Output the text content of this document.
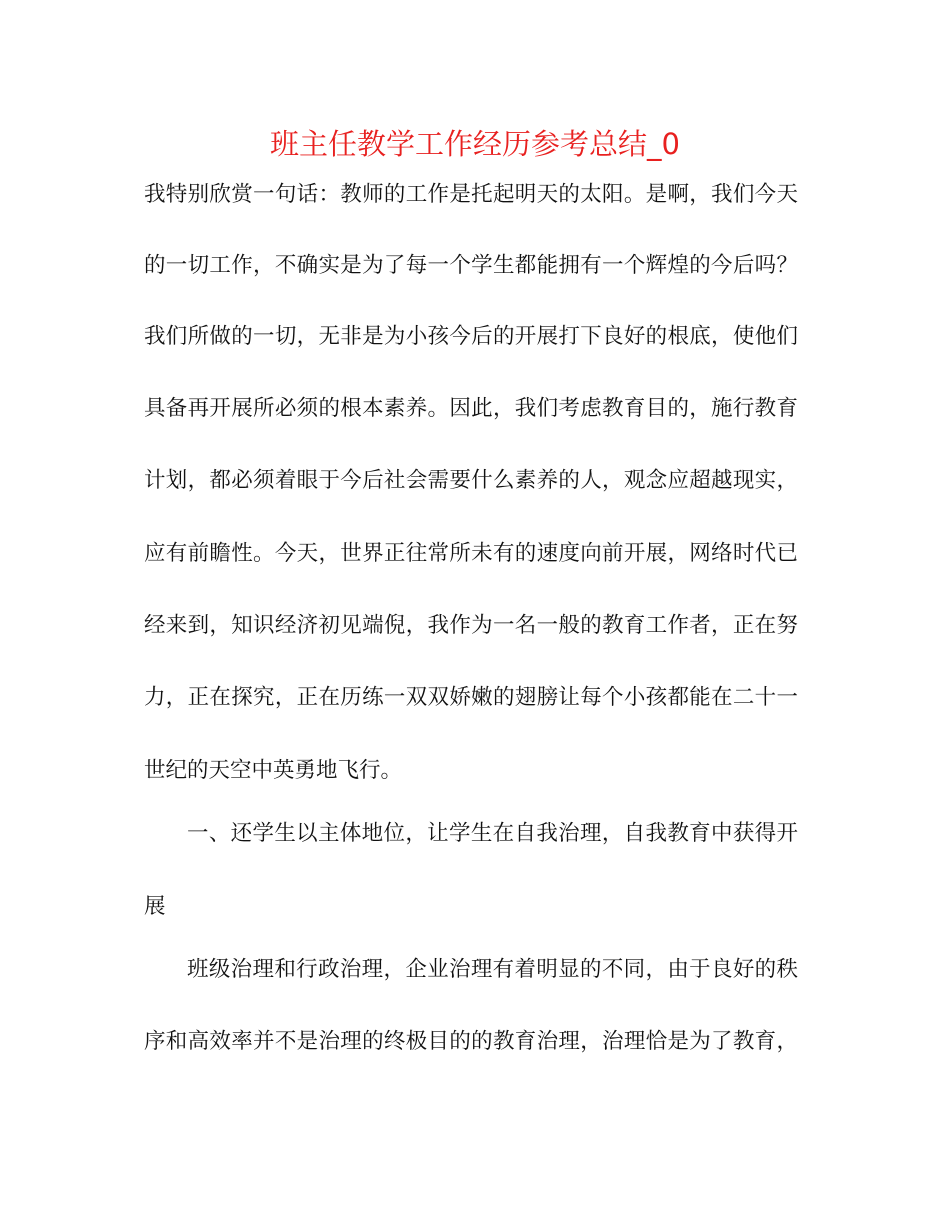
班主任教学工作经历参考总结_0
我特别欣赏一句话：教师的工作是托起明天的太阳。是啊，我们今天
的一切工作，不确实是为了每一个学生都能拥有一个辉煌的今后吗？
我们所做的一切，无非是为小孩今后的开展打下良好的根底，使他们
具备再开展所必须的根本素养。因此，我们考虑教育目的，施行教育
计划，都必须着眼于今后社会需要什么素养的人，观念应超越现实，
应有前瞻性。今天，世界正往常所未有的速度向前开展，网络时代已
经来到，知识经济初见端倪，我作为一名一般的教育工作者，正在努
力，正在探究，正在历练一双双娇嫩的翅膀让每个小孩都能在二十一
世纪的天空中英勇地飞行。
一、还学生以主体地位，让学生在自我治理，自我教育中获得开
展
班级治理和行政治理，企业治理有着明显的不同，由于良好的秩
序和高效率并不是治理的终极目的的教育治理，治理恰是为了教育，
